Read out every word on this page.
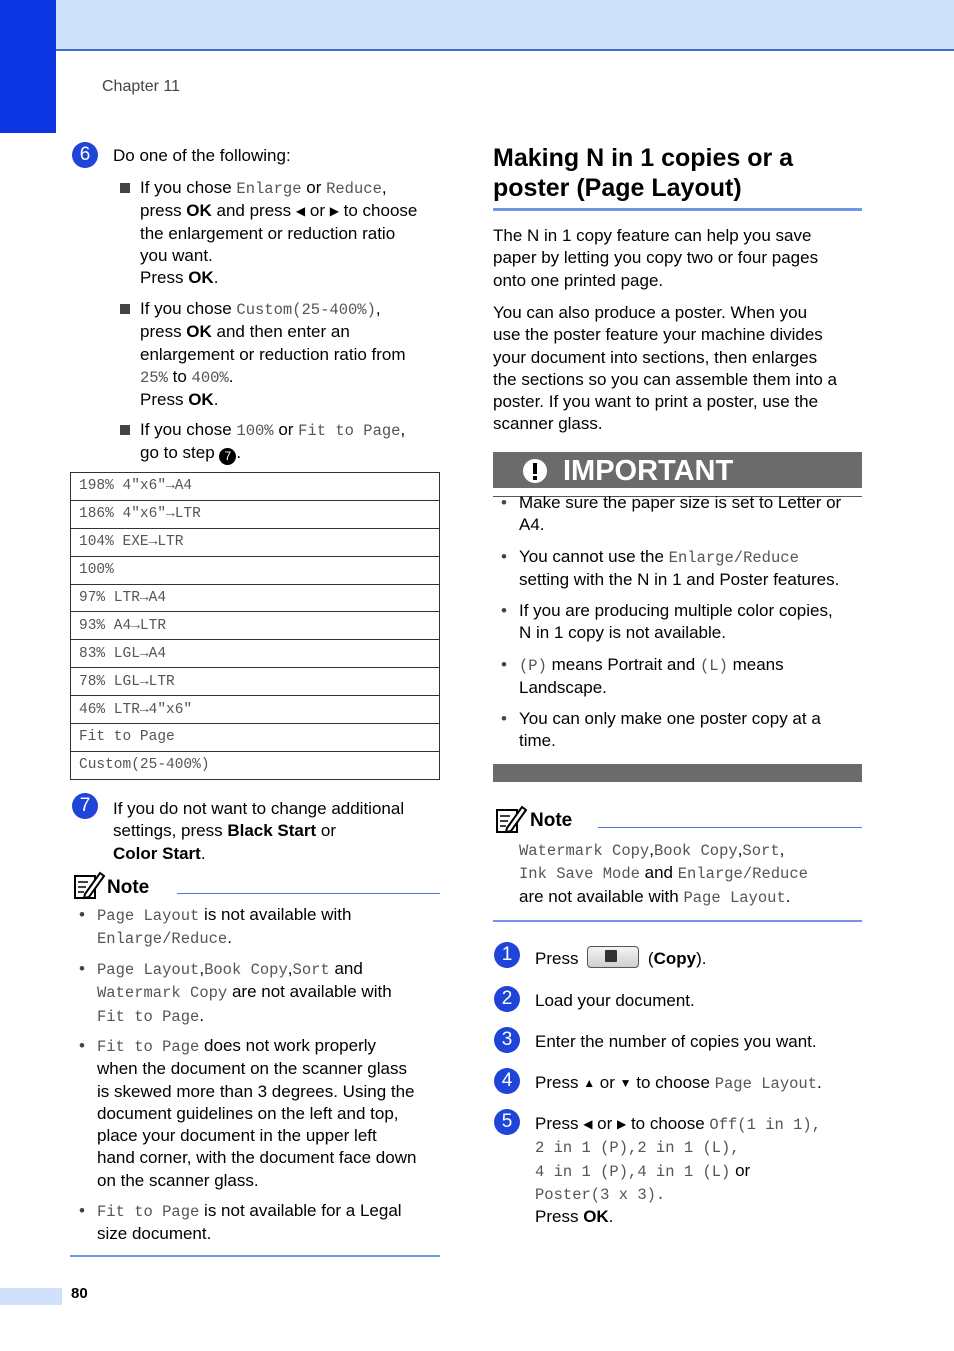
Chapter 11
6	Do one of the following:
If you chose Enlarge or Reduce,
press OK and press ◀ or ▶ to choose
the enlargement or reduction ratio
you want.
Press OK.
If you chose Custom(25-400%),
press OK and then enter an
enlargement or reduction ratio from
25% to 400%.
Press OK.
If you chose 100% or Fit to Page,
go to step 7 .
198% 4"x6"→A4
186% 4"x6"→LTR
104% EXE→LTR
100%
97% LTR→A4
93% A4→LTR
83% LGL→A4
78% LGL→LTR
46% LTR→4"x6"
Fit to Page
Custom(25-400%)
7	If you do not want to change additional
settings, press Black Start or
Color Start.
Note
• Page Layout is not available with
Enlarge/Reduce.
• Page Layout,Book Copy,Sort and
Watermark Copy are not available with
Fit to Page.
• Fit to Page does not work properly
when the document on the scanner glass
is skewed more than 3 degrees. Using the
document guidelines on the left and top,
place your document in the upper left
hand corner, with the document face down
on the scanner glass.
• Fit to Page is not available for a Legal
size document.
Making N in 1 copies or a
poster (Page Layout)
The N in 1 copy feature can help you save
paper by letting you copy two or four pages
onto one printed page.
You can also produce a poster. When you
use the poster feature your machine divides
your document into sections, then enlarges
the sections so you can assemble them into a
poster. If you want to print a poster, use the
scanner glass.
IMPORTANT
• Make sure the paper size is set to Letter or
A4.
• You cannot use the Enlarge/Reduce
setting with the N in 1 and Poster features.
• If you are producing multiple color copies,
N in 1 copy is not available.
• (P) means Portrait and (L) means
Landscape.
• You can only make one poster copy at a
time.
Note
Watermark Copy,Book Copy,Sort,
Ink Save Mode and Enlarge/Reduce
are not available with Page Layout.
1	Press	(Copy).
2	Load your document.
3	Enter the number of copies you want.
4	Press ▲ or ▼ to choose Page Layout.
5	Press ◀ or ▶ to choose Off(1 in 1),
2 in 1 (P),2 in 1 (L),
4 in 1 (P),4 in 1 (L) or
Poster(3 x 3).
Press OK.
80
